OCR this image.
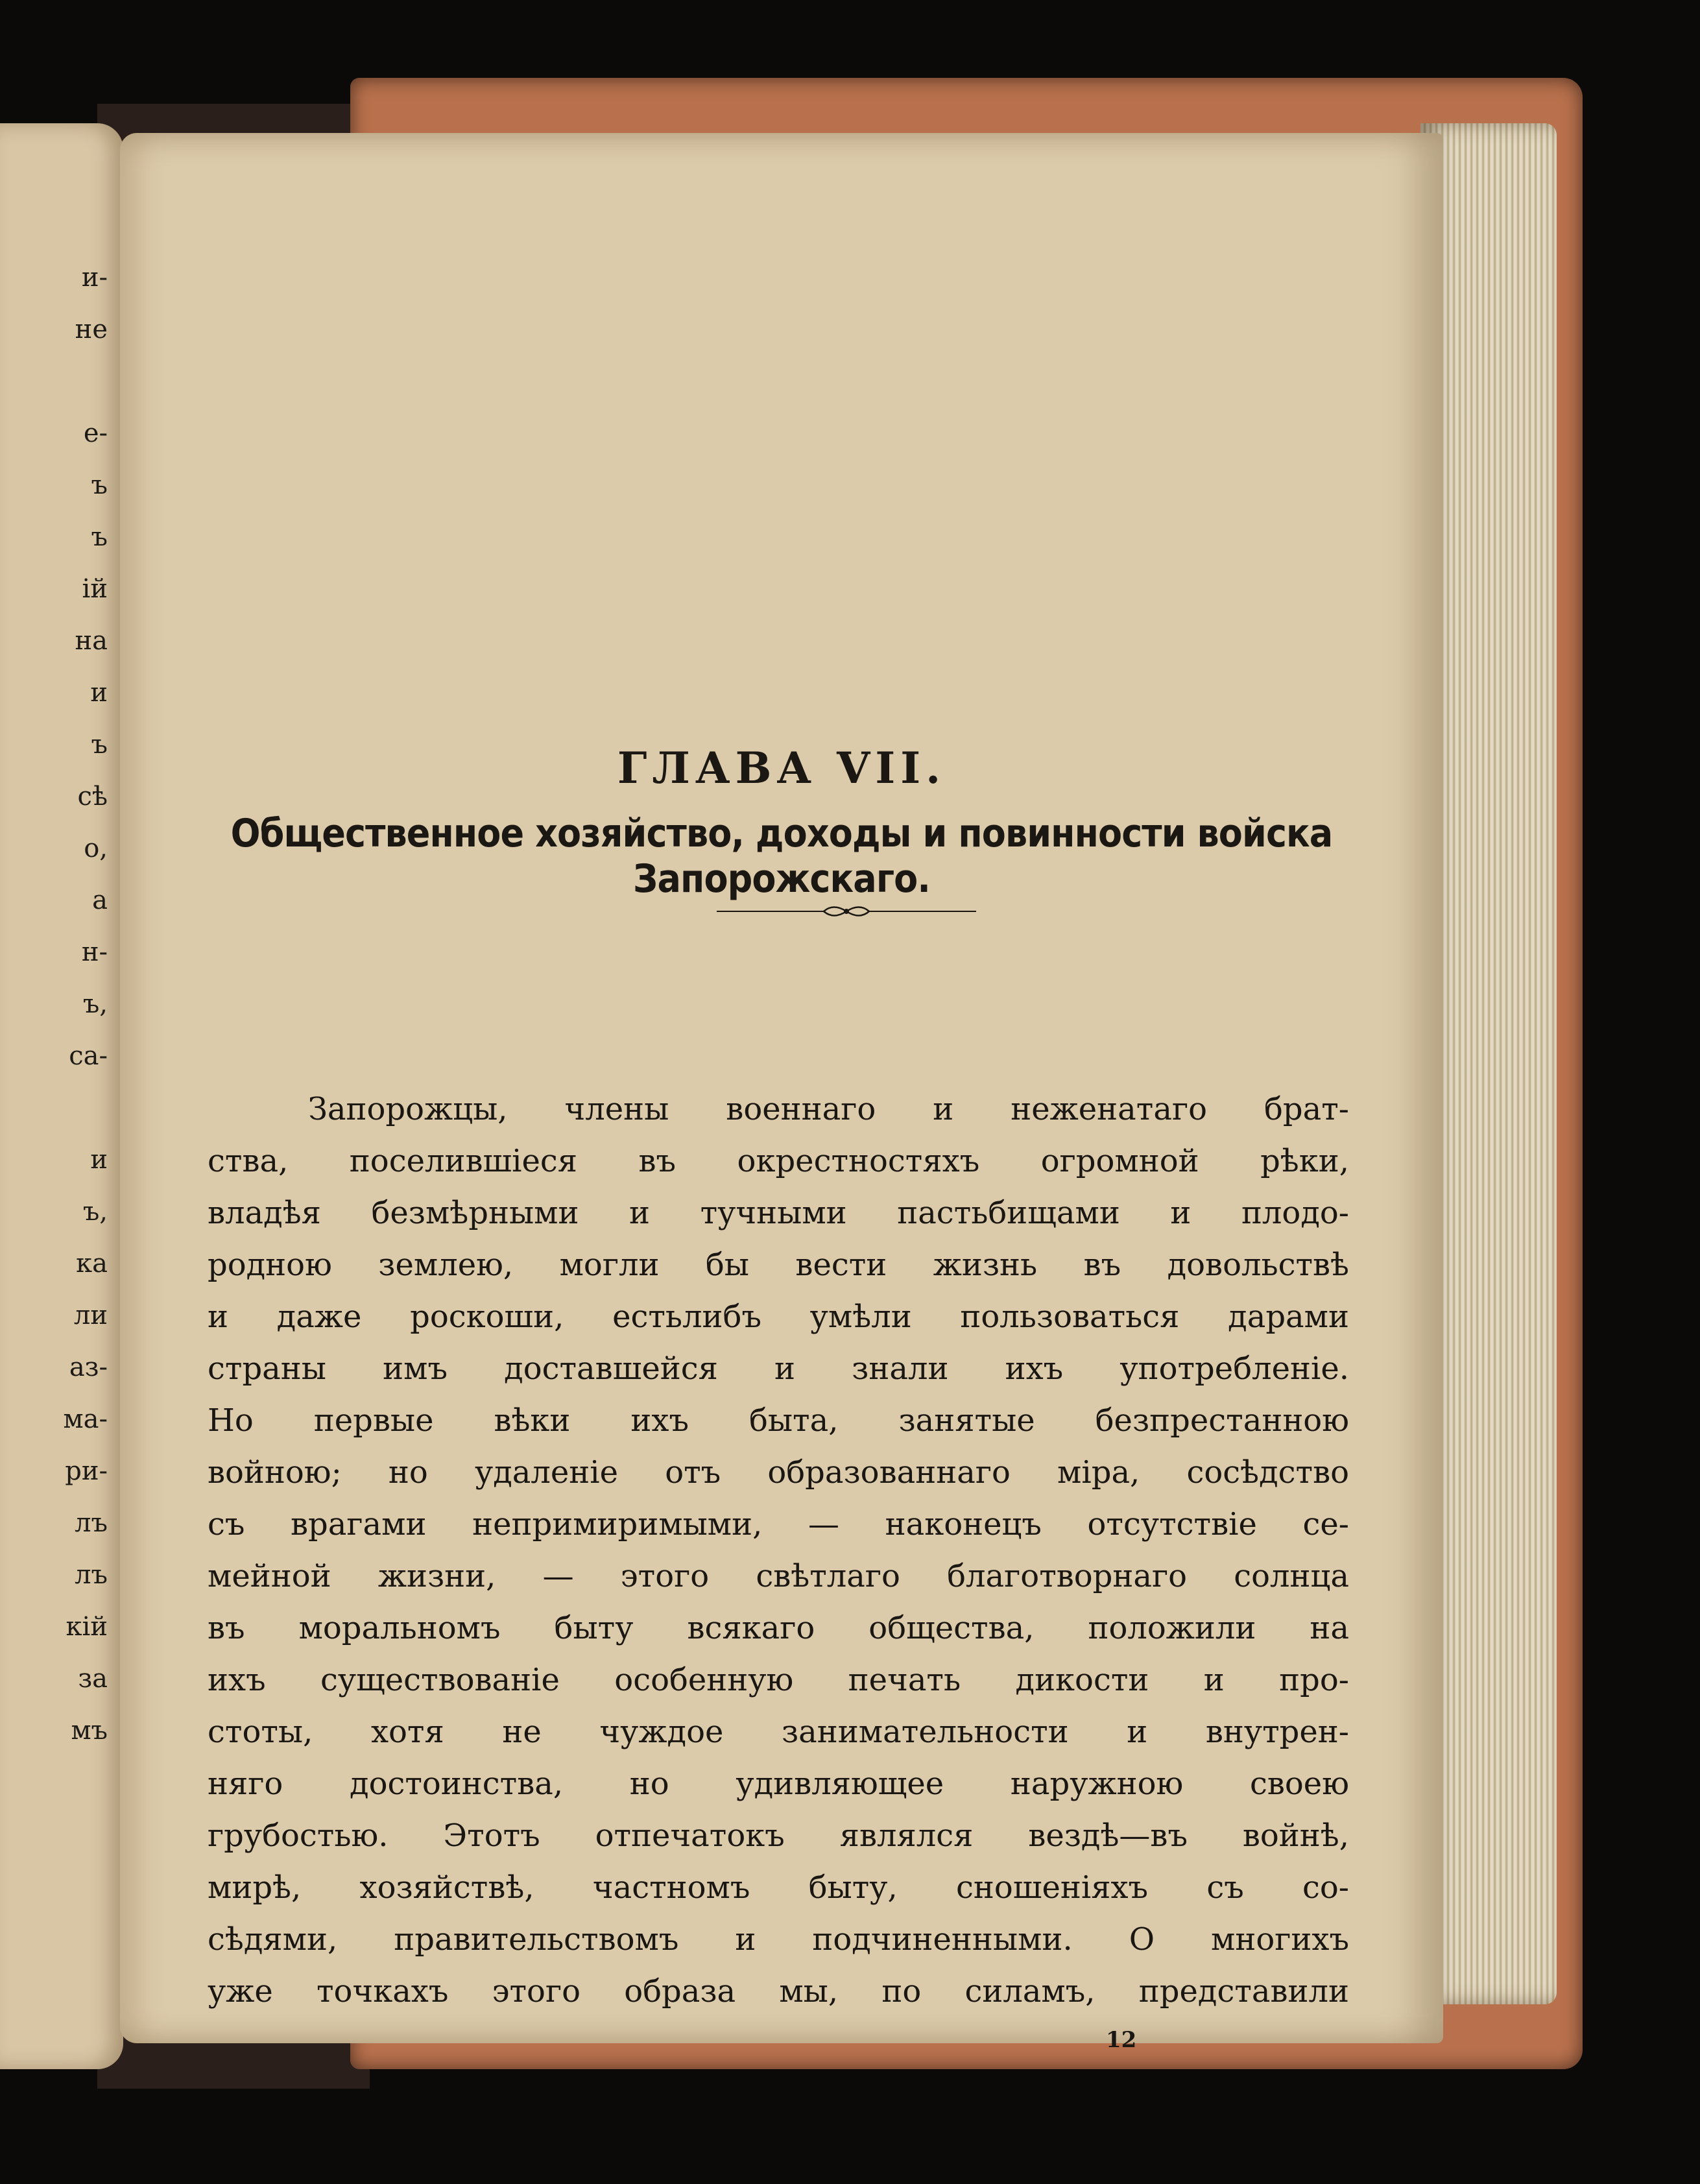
и-
не
е-
ъ
ъ
ій
на
и
ъ
сѣ
о,
а
н-
ъ,
са-
и
ъ,
ка
ли
аз-
ма-
ри-
лъ
лъ
кій
за
мъ
ГЛАВА VII.
Общественное хозяйство, доходы и повинности войска Запорожскаго.
Запорожцы, члены военнаго и неженатаго брат-
ства, поселившіеся въ окрестностяхъ огромной рѣки,
владѣя безмѣрными и тучными пастьбищами и плодо-
родною землею, могли бы вести жизнь въ довольствѣ
и даже роскоши, естьлибъ умѣли пользоваться дарами
страны имъ доставшейся и знали ихъ употребленіе.
Но первые вѣки ихъ быта, занятые безпрестанною
войною; но удаленіе отъ образованнаго міра, сосѣдство
съ врагами непримиримыми, — наконецъ отсутствіе се-
мейной жизни, — этого свѣтлаго благотворнаго солнца
въ моральномъ быту всякаго общества, положили на
ихъ существованіе особенную печать дикости и про-
стоты, хотя не чуждое занимательности и внутрен-
няго достоинства, но удивляющее наружною своею
грубостью. Этотъ отпечатокъ являлся вездѣ—въ войнѣ,
мирѣ, хозяйствѣ, частномъ быту, сношеніяхъ съ со-
сѣдями, правительствомъ и подчиненными. О многихъ
уже точкахъ этого образа мы, по силамъ, представили
12
